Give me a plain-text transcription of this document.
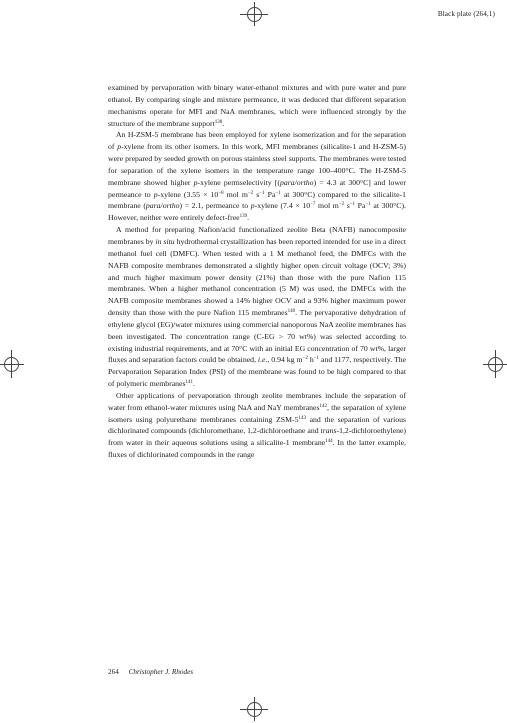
Black plate (264,1)

examined by pervaporation with binary water-ethanol mixtures and with pure water and pure ethanol. By comparing single and mixture permeance, it was deduced that different separation mechanisms operate for MFI and NaA membranes, which were influenced strongly by the structure of the membrane support$^{138}$.

An H-ZSM-5 membrane has been employed for xylene isomerization and for the separation of p-xylene from its other isomers. In this work, MFI membranes (silicalite-1 and H-ZSM-5) were prepared by seeded growth on porous stainless steel supports. The membranes were tested for separation of the xylene isomers in the temperature range 100–400°C. The H-ZSM-5 membrane showed higher p-xylene permselectivity [(para/ortho) = 4.3 at 300°C] and lower permeance to p-xylene ($3.55 \times 10^{-8}$ mol $m^{-2}$ $s^{-1}$ $Pa^{-1}$ at 300°C) compared to the silicalite-1 membrane (para/ortho) = 2.1, permeance to p-xylene ($7.4 \times 10^{-7}$ mol $m^{-2}$ $s^{-1}$ $Pa^{-1}$ at 300°C). However, neither were entirely defect-free$^{139}$.

A method for preparing Nafion/acid functionalized zeolite Beta (NAFB) nanocomposite membranes by in situ hydrothermal crystallization has been reported intended for use in a direct methanol fuel cell (DMFC). When tested with a 1 M methanol feed, the DMFCs with the NAFB composite membranes demonstrated a slightly higher open circuit voltage (OCV; 3%) and much higher maximum power density (21%) than those with the pure Nafion 115 membranes. When a higher methanol concentration (5 M) was used, the DMFCs with the NAFB composite membranes showed a 14% higher OCV and a 93% higher maximum power density than those with the pure Nafion 115 membranes$^{140}$. The pervaporative dehydration of ethylene glycol (EG)/water mixtures using commercial nanoporous NaA zeolite membranes has been investigated. The concentration range (C-EG > 70 wt%) was selected according to existing industrial requirements, and at 70°C with an initial EG concentration of 70 wt%, larger fluxes and separation factors could be obtained, i.e., 0.94 kg $m^{-2}$ $h^{-1}$ and 1177, respectively. The Pervaporation Separation Index (PSI) of the membrane was found to be high compared to that of polymeric membranes$^{141}$.

Other applications of pervaporation through zeolite membranes include the separation of water from ethanol-water mixtures using NaA and NaY membranes$^{142}$, the separation of xylene isomers using polyurethane membranes containing ZSM-$5^{143}$ and the separation of various dichlorinated compounds (dichloromethane, 1,2-dichloroethane and trans-1,2-dichloroethylene) from water in their aqueous solutions using a silicalite-1 membrane$^{144}$. In the latter example, fluxes of dichlorinated compounds in the range

264 Christopher J. Rhodes
